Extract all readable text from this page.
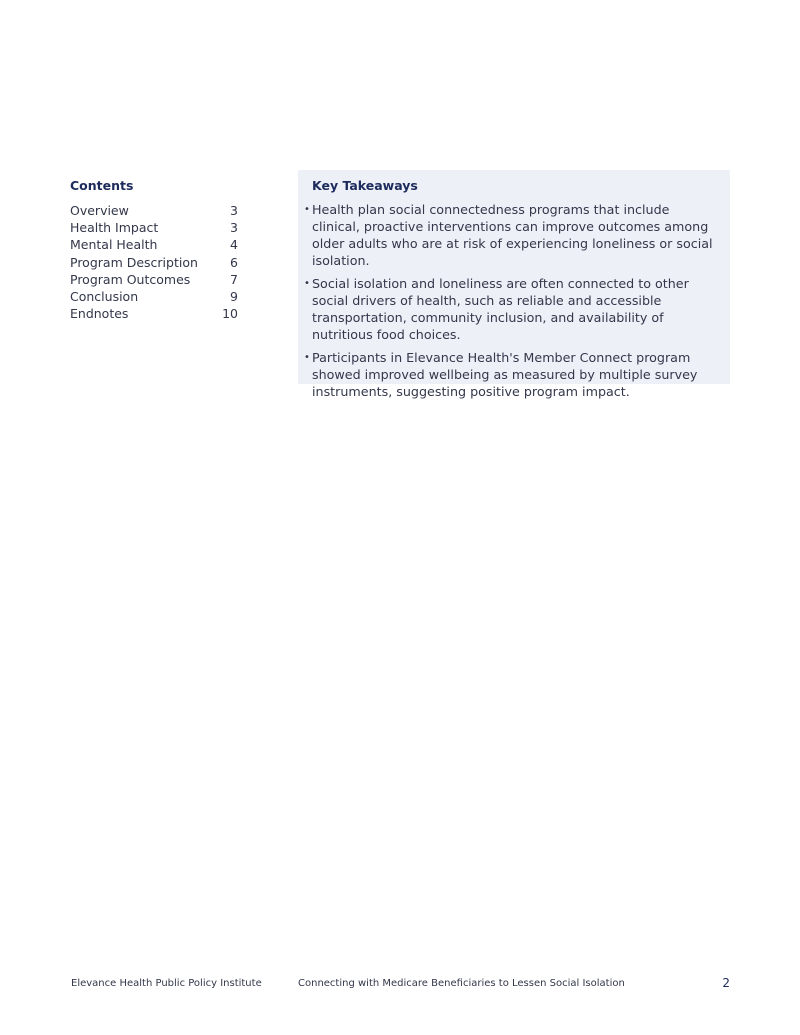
Contents
Overview	3
Health Impact	3
Mental Health	4
Program Description	6
Program Outcomes	7
Conclusion	9
Endnotes	10
Key Takeaways
• Health plan social connectedness programs that include clinical, proactive interventions can improve outcomes among older adults who are at risk of experiencing loneliness or social isolation.
• Social isolation and loneliness are often connected to other social drivers of health, such as reliable and accessible transportation, community inclusion, and availability of nutritious food choices.
• Participants in Elevance Health's Member Connect program showed improved wellbeing as measured by multiple survey instruments, suggesting positive program impact.
Elevance Health Public Policy Institute	Connecting with Medicare Beneficiaries to Lessen Social Isolation	2
